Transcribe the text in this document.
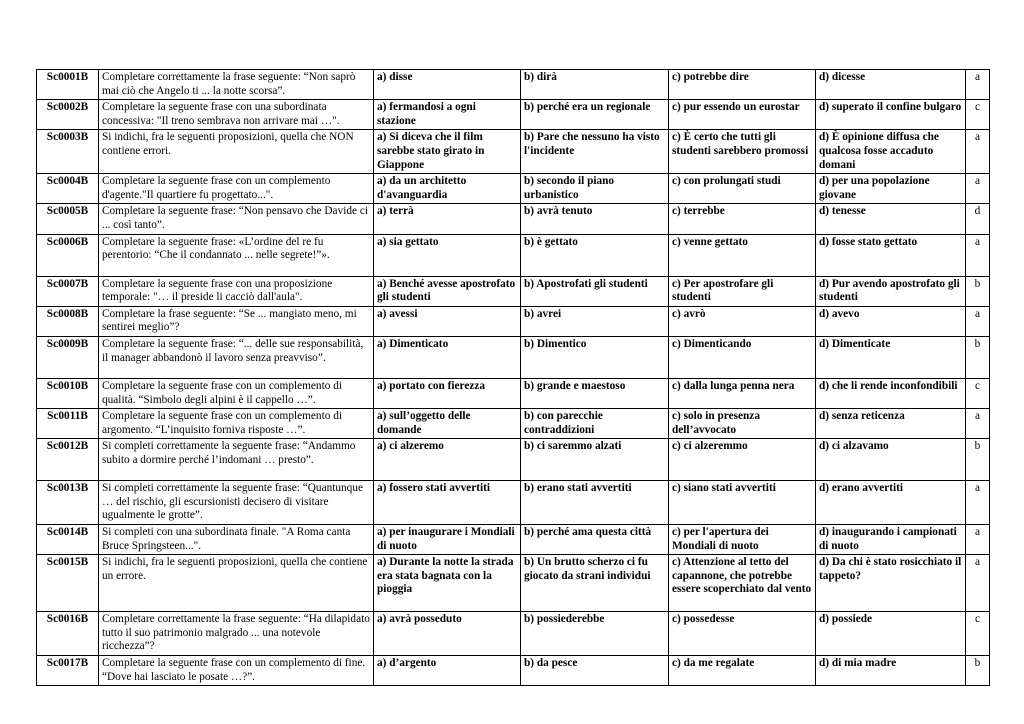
Sc0001B	Completare correttamente la frase seguente: “Non saprò mai ciò che Angelo ti ... la notte scorsa”.	a) disse	b) dirà	c) potrebbe dire	d) dicesse	a
Sc0002B	Completare la seguente frase con una subordinata concessiva: "Il treno sembrava non arrivare mai …".	a) fermandosi a ogni stazione	b) perché era un regionale	c) pur essendo un eurostar	d) superato il confine bulgaro	c
Sc0003B	Si indichi, fra le seguenti proposizioni, quella che NON contiene errori.	a) Si diceva che il film sarebbe stato girato in Giappone	b) Pare che nessuno ha visto l'incidente	c) È certo che tutti gli studenti sarebbero promossi	d) È opinione diffusa che qualcosa fosse accaduto domani	a
Sc0004B	Completare la seguente frase con un complemento d'agente."Il quartiere fu progettato...".	a) da un architetto d'avanguardia	b) secondo il piano urbanistico	c) con prolungati studi	d) per una popolazione giovane	a
Sc0005B	Completare la seguente frase: “Non pensavo che Davide ci ... così tanto”.	a) terrà	b) avrà tenuto	c) terrebbe	d) tenesse	d
Sc0006B	Completare la seguente frase: «L’ordine del re fu perentorio: “Che il condannato ... nelle segrete!”».	a) sia gettato	b) è gettato	c) venne gettato	d) fosse stato gettato	a
Sc0007B	Completare la seguente frase con una proposizione temporale: "… il preside li cacciò dall'aula".	a) Benché avesse apostrofato gli studenti	b) Apostrofati gli studenti	c) Per apostrofare gli studenti	d) Pur avendo apostrofato gli studenti	b
Sc0008B	Completare la frase seguente: “Se ... mangiato meno, mi sentirei meglio”?	a) avessi	b) avrei	c) avrò	d) avevo	a
Sc0009B	Completare la seguente frase: “... delle sue responsabilità, il manager abbandonò il lavoro senza preavviso”.	a) Dimenticato	b) Dimentico	c) Dimenticando	d) Dimenticate	b
Sc0010B	Completare la seguente frase con un complemento di qualità. “Simbolo degli alpini è il cappello …”.	a) portato con fierezza	b) grande e maestoso	c) dalla lunga penna nera	d) che li rende inconfondibili	c
Sc0011B	Completare la seguente frase con un complemento di argomento. “L’inquisito forniva risposte …”.	a) sull’oggetto delle domande	b) con parecchie contraddizioni	c) solo in presenza dell’avvocato	d) senza reticenza	a
Sc0012B	Si completi correttamente la seguente frase: “Andammo subito a dormire perché l’indomani … presto”.	a) ci alzeremo	b) ci saremmo alzati	c) ci alzeremmo	d) ci alzavamo	b
Sc0013B	Si completi correttamente la seguente frase: “Quantunque … del rischio, gli escursionisti decisero di visitare ugualmente le grotte”.	a) fossero stati avvertiti	b) erano stati avvertiti	c) siano stati avvertiti	d) erano avvertiti	a
Sc0014B	Si completi con una subordinata finale. "A Roma canta Bruce Springsteen...".	a) per inaugurare i Mondiali di nuoto	b) perché ama questa città	c) per l'apertura dei Mondiali di nuoto	d) inaugurando i campionati di nuoto	a
Sc0015B	Si indichi, fra le seguenti proposizioni, quella che contiene un errore.	a) Durante la notte la strada era stata bagnata con la pioggia	b) Un brutto scherzo ci fu giocato da strani individui	c) Attenzione al tetto del capannone, che potrebbe essere scoperchiato dal vento	d) Da chi è stato rosicchiato il tappeto?	a
Sc0016B	Completare correttamente la frase seguente: “Ha dilapidato tutto il suo patrimonio malgrado ... una notevole ricchezza”?	a) avrà posseduto	b) possiederebbe	c) possedesse	d) possiede	c
Sc0017B	Completare la seguente frase con un complemento di fine. “Dove hai lasciato le posate …?”.	a) d’argento	b) da pesce	c) da me regalate	d) di mia madre	b
